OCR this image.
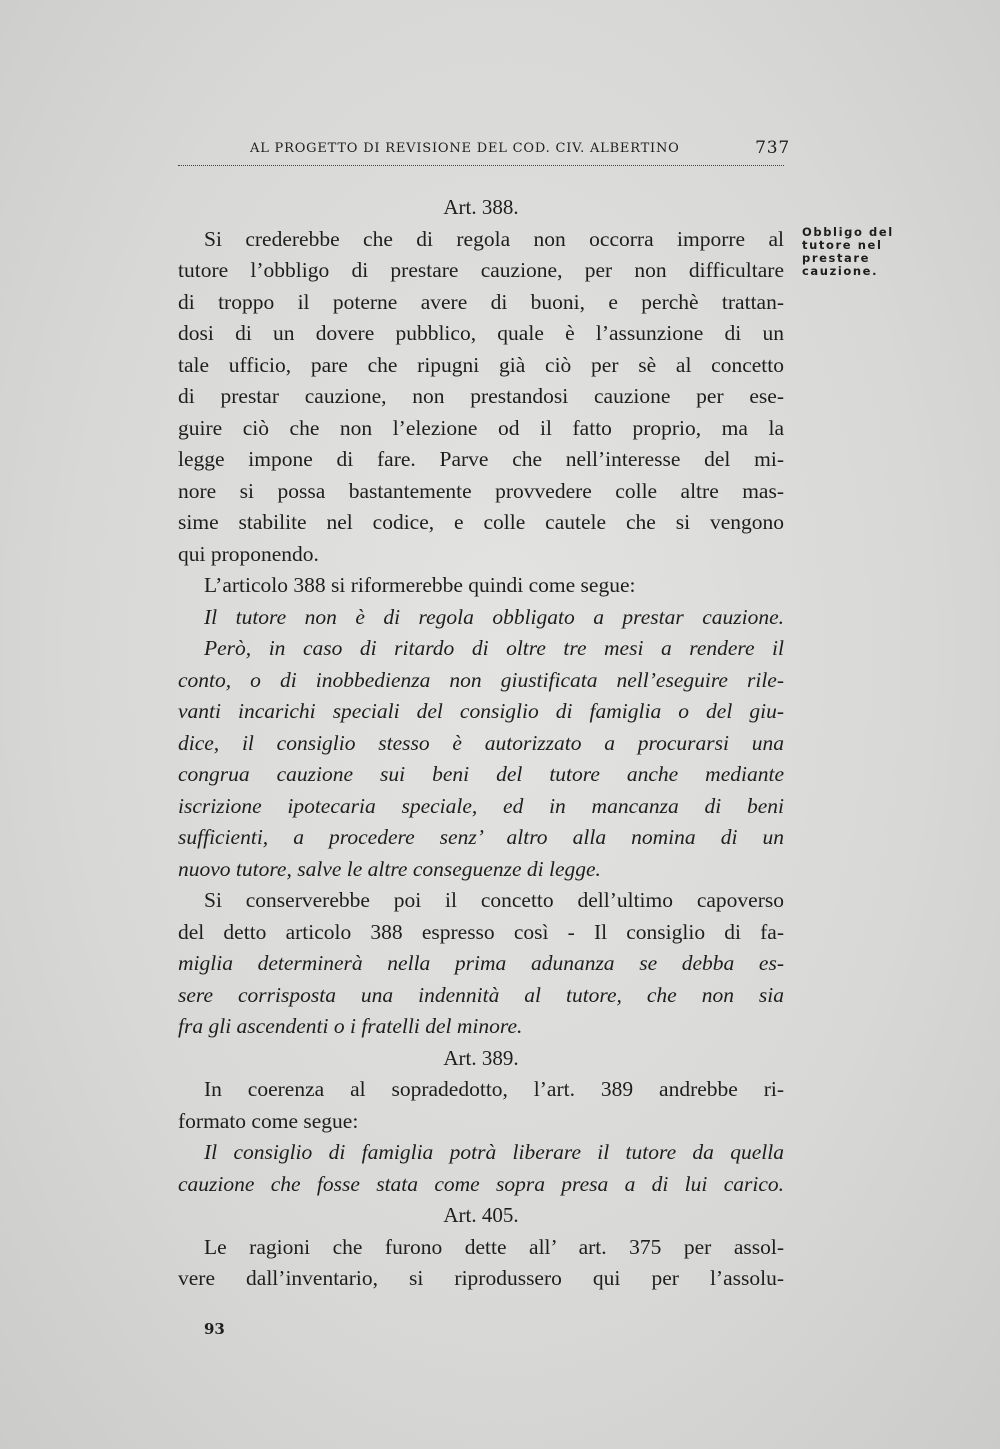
AL PROGETTO DI REVISIONE DEL COD. CIV. ALBERTINO	737
Obbligo del
tutore nel
prestare
cauzione.
Art. 388.
Si crederebbe che di regola non occorra imporre al
tutore l’obbligo di prestare cauzione, per non difficultare
di troppo il poterne avere di buoni, e perchè trattan-
dosi di un dovere pubblico, quale è l’assunzione di un
tale ufficio, pare che ripugni già ciò per sè al concetto
di prestar cauzione, non prestandosi cauzione per ese-
guire ciò che non l’elezione od il fatto proprio, ma la
legge impone di fare. Parve che nell’interesse del mi-
nore si possa bastantemente provvedere colle altre mas-
sime stabilite nel codice, e colle cautele che si vengono
qui proponendo.
L’articolo 388 si riformerebbe quindi come segue:
Il tutore non è di regola obbligato a prestar cauzione.
Però, in caso di ritardo di oltre tre mesi a rendere il
conto, o di inobbedienza non giustificata nell’eseguire rile-
vanti incarichi speciali del consiglio di famiglia o del giu-
dice, il consiglio stesso è autorizzato a procurarsi una
congrua cauzione sui beni del tutore anche mediante
iscrizione ipotecaria speciale, ed in mancanza di beni
sufficienti, a procedere senz’ altro alla nomina di un
nuovo tutore, salve le altre conseguenze di legge.
Si conserverebbe poi il concetto dell’ultimo capoverso
del detto articolo 388 espresso così - Il consiglio di fa-
miglia determinerà nella prima adunanza se debba es-
sere corrisposta una indennità al tutore, che non sia
fra gli ascendenti o i fratelli del minore.
Art. 389.
In coerenza al sopradedotto, l’art. 389 andrebbe ri-
formato come segue:
Il consiglio di famiglia potrà liberare il tutore da quella
cauzione che fosse stata come sopra presa a di lui carico.
Art. 405.
Le ragioni che furono dette all’ art. 375 per assol-
vere dall’inventario, si riprodussero qui per l’assolu-
93
